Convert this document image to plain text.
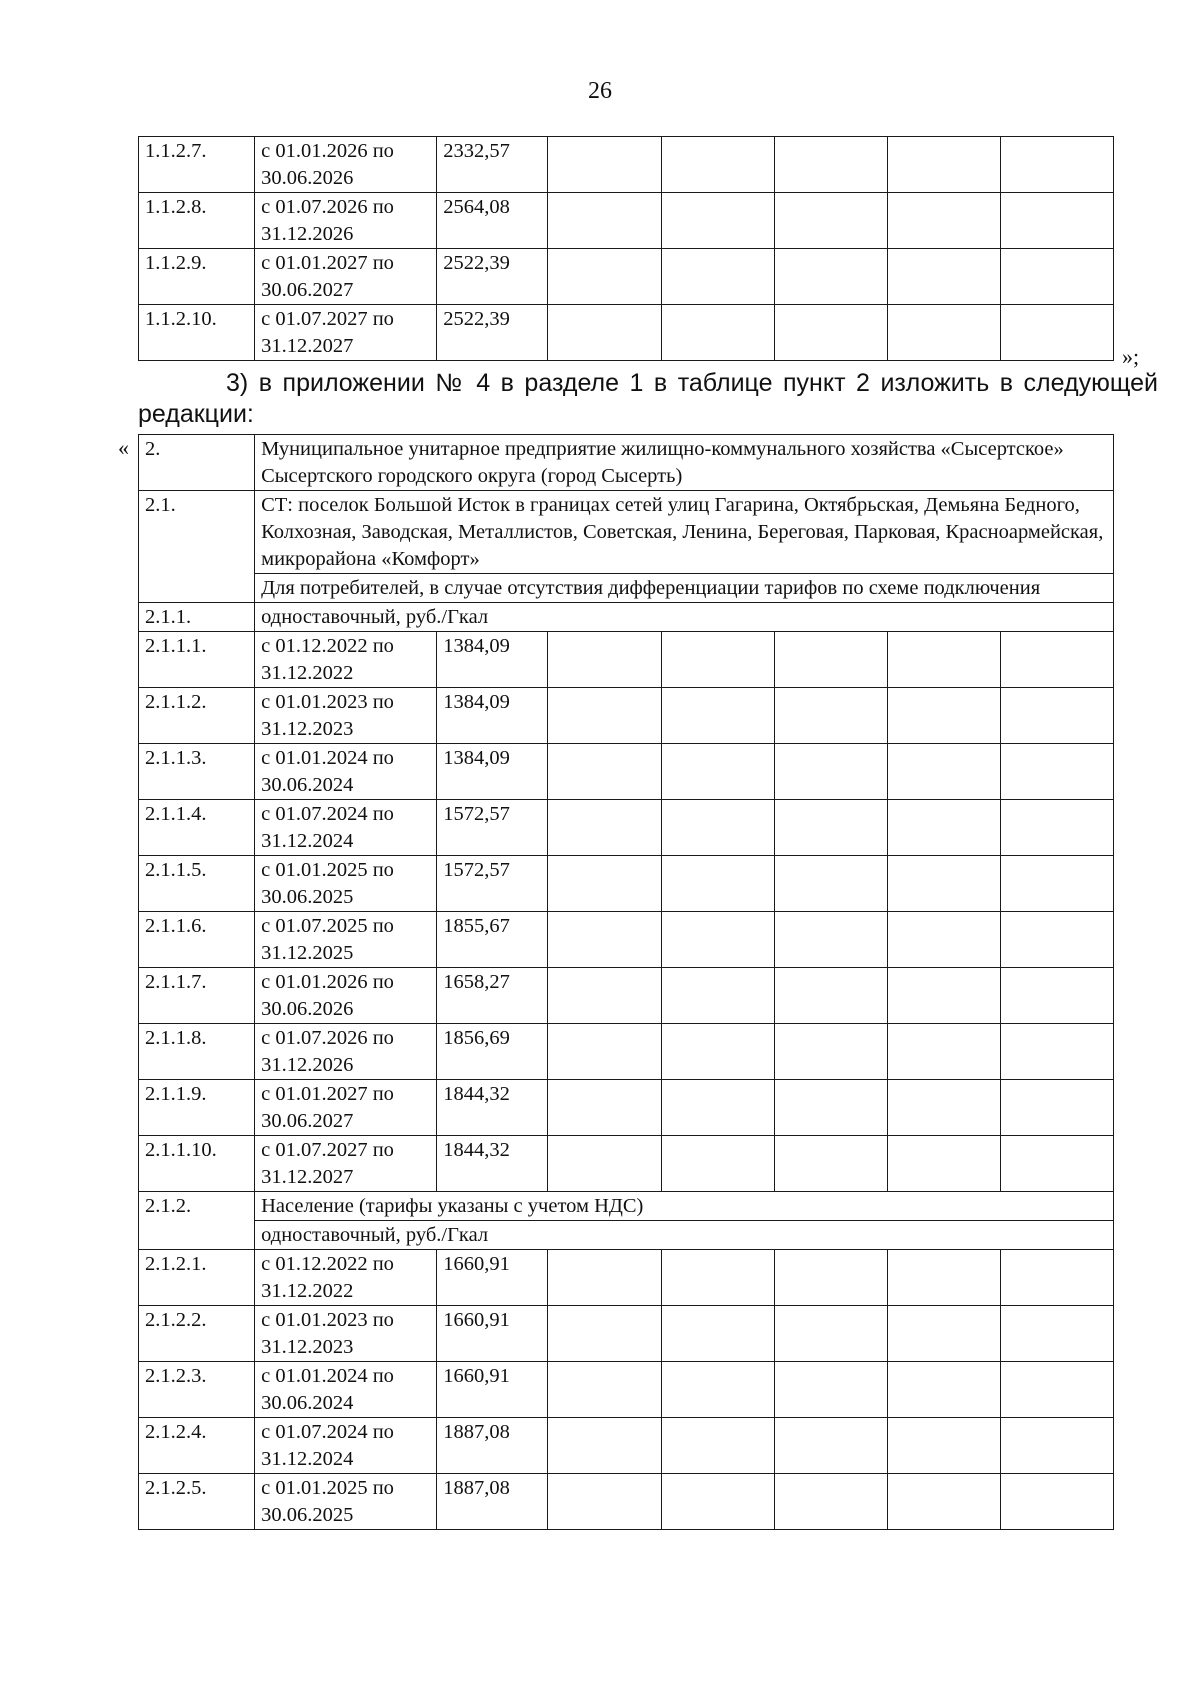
26
1.1.2.7.	с 01.01.2026 по 30.06.2026	2332,57					
1.1.2.8.	с 01.07.2026 по 31.12.2026	2564,08					
1.1.2.9.	с 01.01.2027 по 30.06.2027	2522,39					
1.1.2.10.	с 01.07.2027 по 31.12.2027	2522,39					
»;
3) в приложении № 4 в разделе 1 в таблице пункт 2 изложить в следующей
редакции:
« 2.	Муниципальное унитарное предприятие жилищно-коммунального хозяйства «Сысертское» Сысертского городского округа (город Сысерть)						
2.1.	СТ: поселок Большой Исток в границах сетей улиц Гагарина, Октябрьская, Демьяна Бедного, Колхозная, Заводская, Металлистов, Советская, Ленина, Береговая, Парковая, Красноармейская, микрорайона «Комфорт»						
	Для потребителей, в случае отсутствия дифференциации тарифов по схеме подключения						
2.1.1.	одноставочный, руб./Гкал						
2.1.1.1.	с 01.12.2022 по 31.12.2022	1384,09					
2.1.1.2.	с 01.01.2023 по 31.12.2023	1384,09					
2.1.1.3.	с 01.01.2024 по 30.06.2024	1384,09					
2.1.1.4.	с 01.07.2024 по 31.12.2024	1572,57					
2.1.1.5.	с 01.01.2025 по 30.06.2025	1572,57					
2.1.1.6.	с 01.07.2025 по 31.12.2025	1855,67					
2.1.1.7.	с 01.01.2026 по 30.06.2026	1658,27					
2.1.1.8.	с 01.07.2026 по 31.12.2026	1856,69					
2.1.1.9.	с 01.01.2027 по 30.06.2027	1844,32					
2.1.1.10.	с 01.07.2027 по 31.12.2027	1844,32					
2.1.2.	Население (тарифы указаны с учетом НДС)						
	одноставочный, руб./Гкал						
2.1.2.1.	с 01.12.2022 по 31.12.2022	1660,91					
2.1.2.2.	с 01.01.2023 по 31.12.2023	1660,91					
2.1.2.3.	с 01.01.2024 по 30.06.2024	1660,91					
2.1.2.4.	с 01.07.2024 по 31.12.2024	1887,08					
2.1.2.5.	с 01.01.2025 по 30.06.2025	1887,08					
